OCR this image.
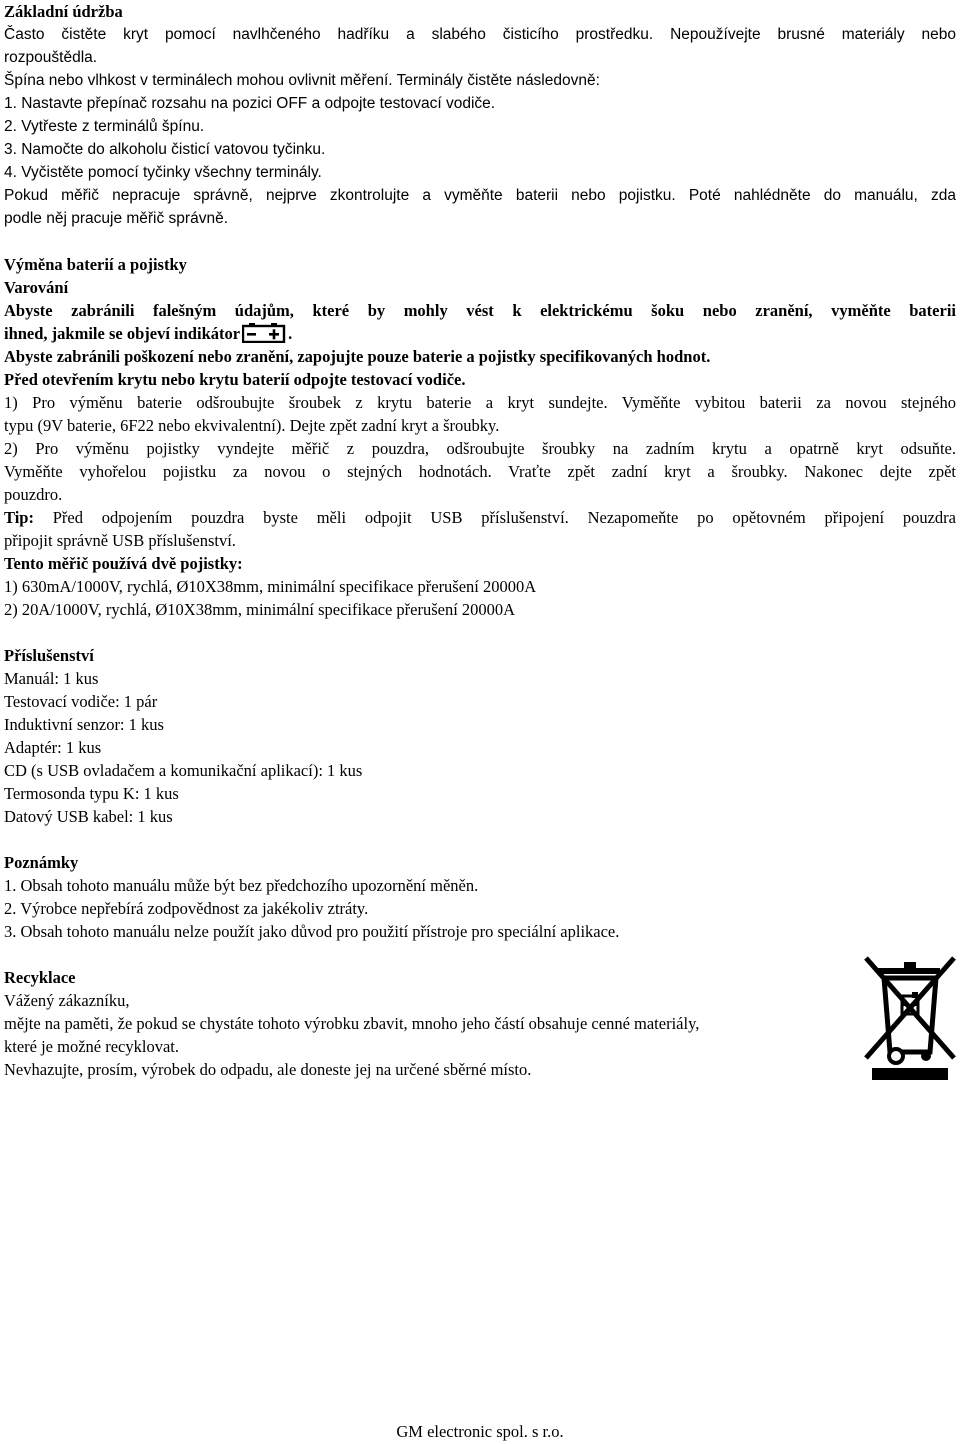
Základní údržba
Často čistěte kryt pomocí navlhčeného hadříku a slabého čisticího prostředku. Nepoužívejte brusné materiály nebo
rozpouštědla.
Špína nebo vlhkost v terminálech mohou ovlivnit měření. Terminály čistěte následovně:
1. Nastavte přepínač rozsahu na pozici OFF a odpojte testovací vodiče.
2. Vytřeste z terminálů špínu.
3. Namočte do alkoholu čisticí vatovou tyčinku.
4. Vyčistěte pomocí tyčinky všechny terminály.
Pokud měřič nepracuje správně, nejprve zkontrolujte a vyměňte baterii nebo pojistku. Poté nahlédněte do manuálu, zda
podle něj pracuje měřič správně.
Výměna baterií a pojistky
Varování
Abyste zabránili falešným údajům, které by mohly vést k elektrickému šoku nebo zranění, vyměňte baterii
ihned, jakmile se objeví indikátor	.
Abyste zabránili poškození nebo zranění, zapojujte pouze baterie a pojistky specifikovaných hodnot.
Před otevřením krytu nebo krytu baterií odpojte testovací vodiče.
1) Pro výměnu baterie odšroubujte šroubek z krytu baterie a kryt sundejte. Vyměňte vybitou baterii za novou stejného
typu (9V baterie, 6F22 nebo ekvivalentní). Dejte zpět zadní kryt a šroubky.
2) Pro výměnu pojistky vyndejte měřič z pouzdra, odšroubujte šroubky na zadním krytu a opatrně kryt odsuňte.
Vyměňte vyhořelou pojistku za novou o stejných hodnotách. Vraťte zpět zadní kryt a šroubky. Nakonec dejte zpět
pouzdro.
Tip: Před odpojením pouzdra byste měli odpojit USB příslušenství. Nezapomeňte po opětovném připojení pouzdra
připojit správně USB příslušenství.
Tento měřič používá dvě pojistky:
1) 630mA/1000V, rychlá, Ø10X38mm, minimální specifikace přerušení 20000A
2) 20A/1000V, rychlá, Ø10X38mm, minimální specifikace přerušení 20000A
Příslušenství
Manuál: 1 kus
Testovací vodiče: 1 pár
Induktivní senzor: 1 kus
Adaptér: 1 kus
CD (s USB ovladačem a komunikační aplikací): 1 kus
Termosonda typu K: 1 kus
Datový USB kabel: 1 kus
Poznámky
1. Obsah tohoto manuálu může být bez předchozího upozornění měněn.
2. Výrobce nepřebírá zodpovědnost za jakékoliv ztráty.
3. Obsah tohoto manuálu nelze použít jako důvod pro použití přístroje pro speciální aplikace.
Recyklace
Vážený zákazníku,
mějte na paměti, že pokud se chystáte tohoto výrobku zbavit, mnoho jeho částí obsahuje cenné materiály,
které je možné recyklovat.
Nevhazujte, prosím, výrobek do odpadu, ale doneste jej na určené sběrné místo.
GM electronic spol. s r.o.
